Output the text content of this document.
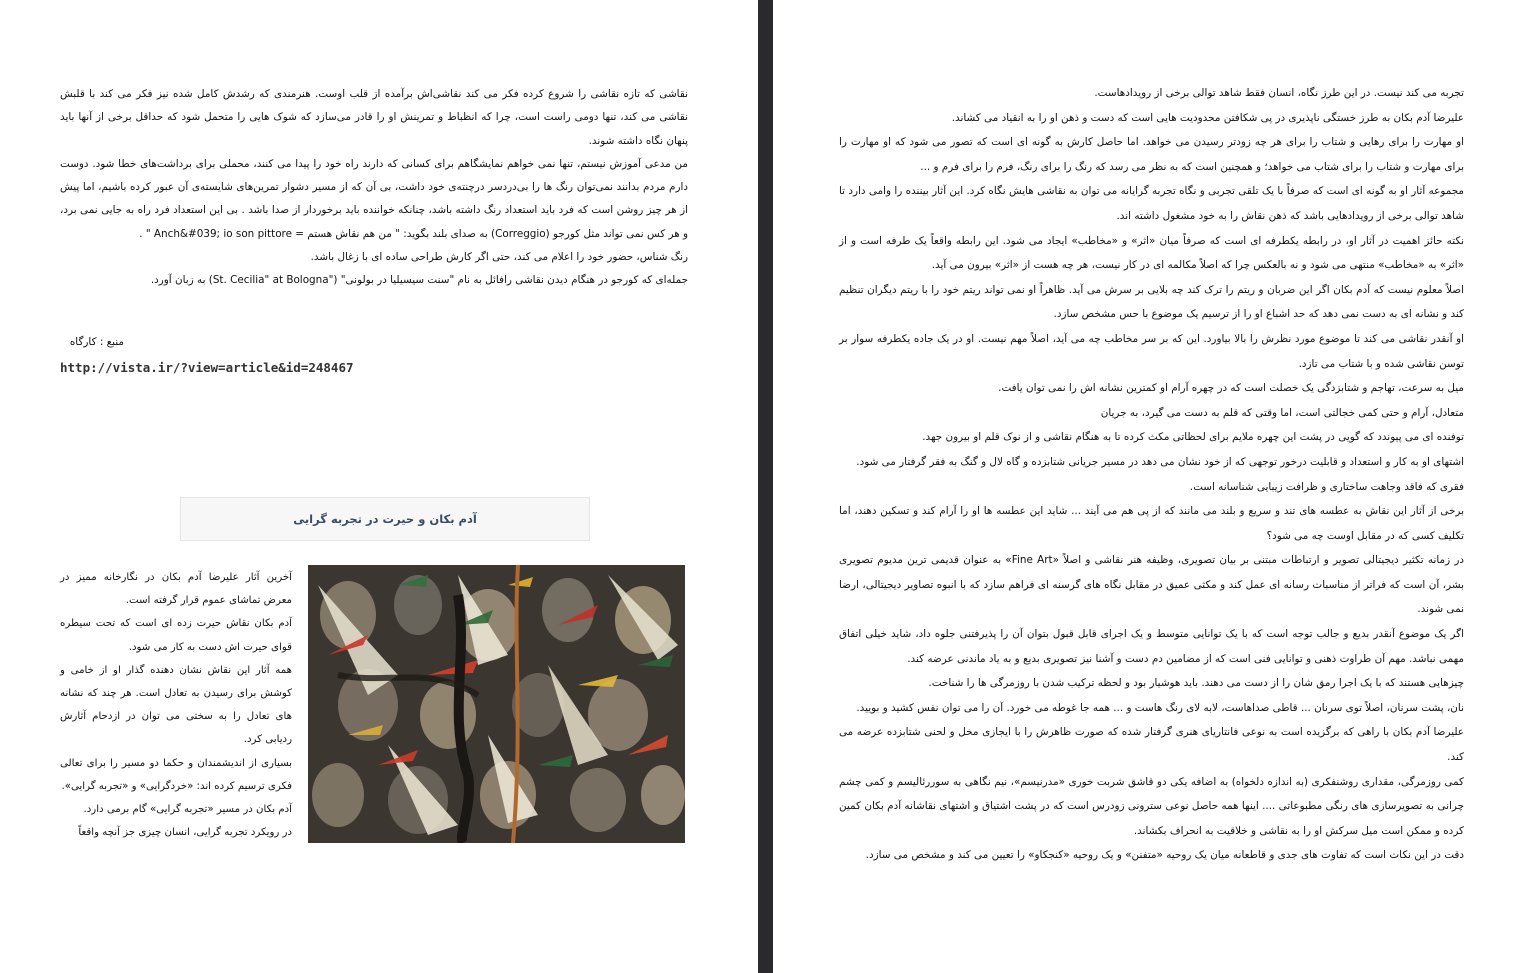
نقاشی که تازه نقاشی را شروع کرده فکر می کند نقاشی‌اش برآمده از قلب اوست. هنرمندی که رشدش کامل شده نیز فکر می کند با قلبش نقاشی می کند، تنها دومی راست است، چرا که انظباط و تمرینش او را قادر می‌سازد که شوک هایی را متحمل شود که حداقل برخی از آنها باید پنهان نگاه داشته شوند.

من مدعی آموزش نیستم، تنها نمی خواهم نمایشگاهم برای کسانی که دارند راه خود را پیدا می کنند، محملی برای برداشت‌های خطا شود. دوست دارم مردم بدانند نمی‌توان رنگ ها را بی‌دردسر درچنته‌ی خود داشت، بی آن که از مسیر دشوار تمرین‌های شایسته‌ی آن عبور کرده باشیم، اما پیش از هر چیز روشن است که فرد باید استعداد رنگ داشته باشد، چنانکه خواننده باید برخوردار از صدا باشد . بی این استعداد فرد راه به جایی نمی برد، و هر کس نمی تواند مثل کورجو (Correggio) به صدای بلند بگوید: " من هم نقاش هستم = Anch&#039; io son pittore " .

رنگ شناس، حضور خود را اعلام می کند، حتی اگر کارش طراحی ساده ای با زغال باشد.

جمله‌ای که کورجو در هنگام دیدن نقاشی رافائل به نام "سنت سیسیلیا در بولونی" ("St. Cecilia" at Bologna) به زبان آورد.

منبع : کارگاه
http://vista.ir/?view=article&id=248467
آدم بکان و حیرت در تجربه گرایی

آخرین آثار علیرضا آدم بکان در نگارخانه ممیز در معرض تماشای عموم قرار گرفته است.

آدم بکان نقاش حیرت زده ای است که تحت سیطره قوای حیرت اش دست به کار می شود.

همه آثار این نقاش نشان دهنده گذار او از خامی و کوشش برای رسیدن به تعادل است. هر چند که نشانه های تعادل را به سختی می توان در ازدحام آثارش ردیابی کرد.

بسیاری از اندیشمندان و حکما دو مسیر را برای تعالی فکری ترسیم کرده اند: «خردگرایی» و «تجربه گرایی».

آدم بکان در مسیر «تجربه گرایی» گام برمی دارد.

در رویکرد تجربه گرایی، انسان چیزی جز آنچه واقعاً

تجربه می کند نیست. در این طرز نگاه، انسان فقط شاهد توالی برخی از رویدادهاست.

علیرضا آدم بکان به طرز خستگی ناپذیری در پی شکافتن محدودیت هایی است که دست و ذهن او را به انقیاد می کشاند.

او مهارت را برای رهایی و شتاب را برای هر چه زودتر رسیدن می خواهد. اما حاصل کارش به گونه ای است که تصور می شود که او مهارت را برای مهارت و شتاب را برای شتاب می خواهد؛ و همچنین است که به نظر می رسد که رنگ را برای رنگ، فرم را برای فرم و ...

مجموعه آثار او به گونه ای است که صرفاً با یک تلقی تجربی و نگاه تجربه گرایانه می توان به نقاشی هایش نگاه کرد. این آثار بیننده را وامی دارد تا شاهد توالی برخی از رویدادهایی باشد که ذهن نقاش را به خود مشغول داشته اند.

نکته حائز اهمیت در آثار او، در رابطه یکطرفه ای است که صرفاً میان «اثر» و «مخاطب» ایجاد می شود. این رابطه واقعاً یک طرفه است و از «اثر» به «مخاطب» منتهی می شود و نه بالعکس چرا که اصلاً مکالمه ای در کار نیست، هر چه هست از «اثر» بیرون می آید.

اصلاً معلوم نیست که آدم بکان اگر این ضربان و ریتم را ترک کند چه بلایی بر سرش می آید. ظاهراً او نمی تواند ریتم خود را با ریتم دیگران تنظیم کند و نشانه ای به دست نمی دهد که حد اشباع او را از ترسیم یک موضوع با حس مشخص سازد.

او آنقدر نقاشی می کند تا موضوع مورد نظرش را بالا بیاورد. این که بر سر مخاطب چه می آید، اصلاً مهم نیست. او در یک جاده یکطرفه سوار بر توسن نقاشی شده و با شتاب می تازد.

میل به سرعت، تهاجم و شتابزدگی یک خصلت است که در چهره آرام او کمترین نشانه اش را نمی توان یافت.

متعادل، آرام و حتی کمی خجالتی است، اما وقتی که قلم به دست می گیرد، به جریان

توفنده ای می پیوندد که گویی در پشت این چهره ملایم برای لحظاتی مکث کرده تا به هنگام نقاشی و از نوک قلم او بیرون جهد.

اشتهای او به کار و استعداد و قابلیت درخور توجهی که از خود نشان می دهد در مسیر جریانی شتابزده و گاه لال و گنگ به فقر گرفتار می شود.

فقری که فاقد وجاهت ساختاری و ظرافت زیبایی شناسانه است.

برخی از آثار این نقاش به عطسه های تند و سریع و بلند می مانند که از پی هم می آیند ... شاید این عطسه ها او را آرام کند و تسکین دهند، اما تکلیف کسی که در مقابل اوست چه می شود؟

در زمانه تکثیر دیجیتالی تصویر و ارتباطات مبتنی بر بیان تصویری، وظیفه هنر نقاشی و اصلاً «Fine Art» به عنوان قدیمی ترین مدیوم تصویری بشر، آن است که فراتر از مناسبات رسانه ای عمل کند و مکثی عمیق در مقابل نگاه های گرسنه ای فراهم سازد که با انبوه تصاویر دیجیتالی، ارضا نمی شوند.

اگر یک موضوع آنقدر بدیع و جالب توجه است که با یک توانایی متوسط و یک اجرای قابل قبول بتوان آن را پذیرفتنی جلوه داد، شاید خیلی اتفاق مهمی نباشد. مهم آن طراوت ذهنی و توانایی فنی است که از مضامین دم دست و آشنا نیز تصویری بدیع و به یاد ماندنی عرضه کند.

چیزهایی هستند که با یک اجرا رمق شان را از دست می دهند. باید هوشیار بود و لحظه ترکیب شدن با روزمرگی ها را شناخت.

نان، پشت سرنان، اصلاً توی سرنان ... قاطی صداهاست، لابه لای رنگ هاست و ... همه جا غوطه می خورد. آن را می توان نفس کشید و بویید.

علیرضا آدم بکان با راهی که برگزیده است به نوعی فانتاریای هنری گرفتار شده که صورت ظاهرش را با ایجازی مخل و لحنی شتابزده عرضه می کند.

کمی روزمرگی، مقداری روشنفکری (به اندازه دلخواه) به اضافه یکی دو قاشق شربت خوری «مدرنیسم»، نیم نگاهی به سوررئالیسم و کمی چشم چرانی به تصویرسازی های رنگی مطبوعاتی .... اینها همه حاصل نوعی سترونی زودرس است که در پشت اشتیاق و اشتهای نقاشانه آدم بکان کمین کرده و ممکن است میل سرکش او را به نقاشی و خلاقیت به انحراف بکشاند.

دقت در این نکات است که تفاوت های جدی و قاطعانه میان یک روحیه «متفنن» و یک روحیه «کنجکاو» را تعیین می کند و مشخص می سازد.
